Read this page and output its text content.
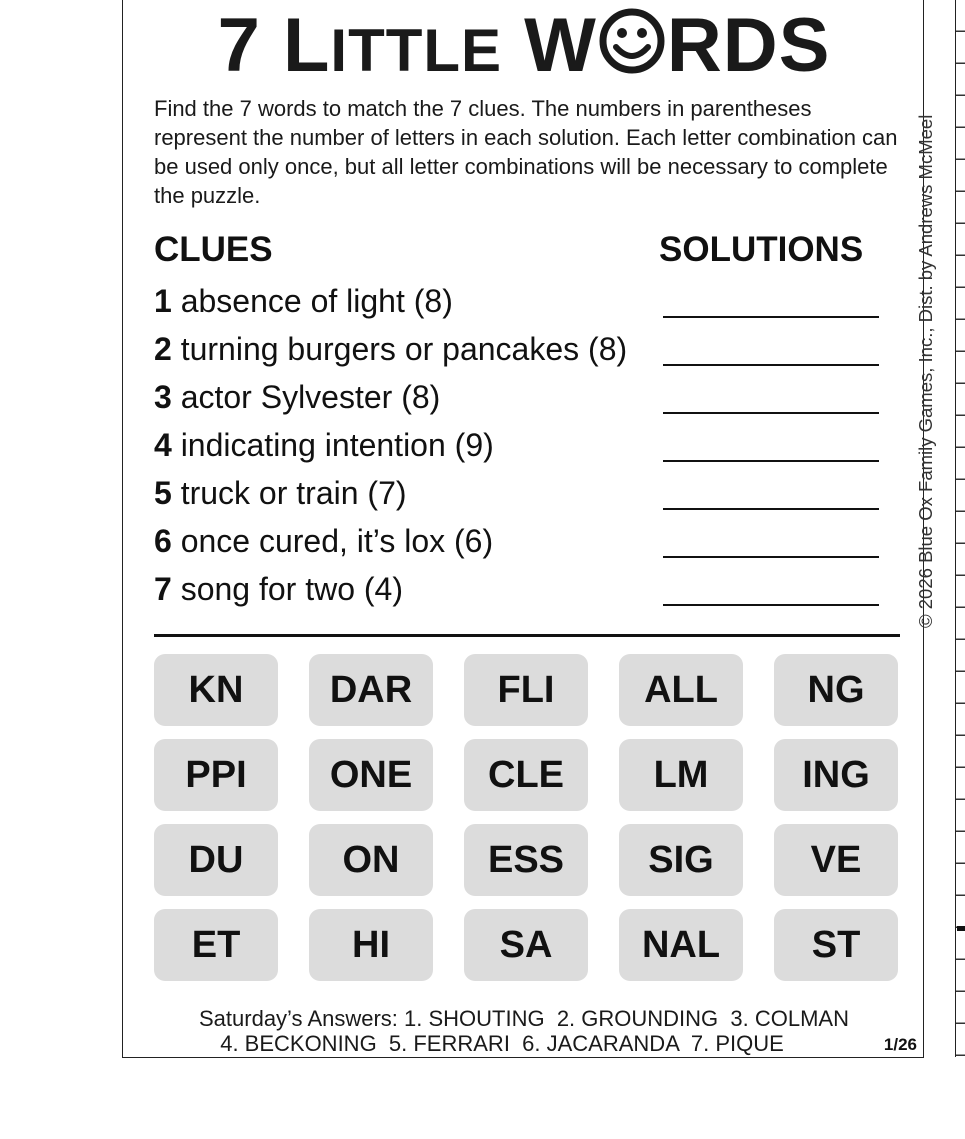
7 LITTLE W RDS
Find the 7 words to match the 7 clues. The numbers in parentheses represent the number of letters in each solution. Each letter combination can be used only once, but all letter combinations will be necessary to complete the puzzle.
CLUES	SOLUTIONS
1 absence of light (8)
2 turning burgers or pancakes (8)
3 actor Sylvester (8)
4 indicating intention (9)
5 truck or train (7)
6 once cured, it’s lox (6)
7 song for two (4)	© 2026 Blue Ox Family Games, Inc., Dist. by Andrews McMeel
KN	DAR	FLI	ALL	NG
PPI	ONE	CLE	LM	ING
DU	ON	ESS	SIG	VE
ET	HI	SA	NAL	ST
Saturday’s Answers: 1. SHOUTING  2. GROUNDING  3. COLMAN
4. BECKONING  5. FERRARI  6. JACARANDA  7. PIQUE	1/26
